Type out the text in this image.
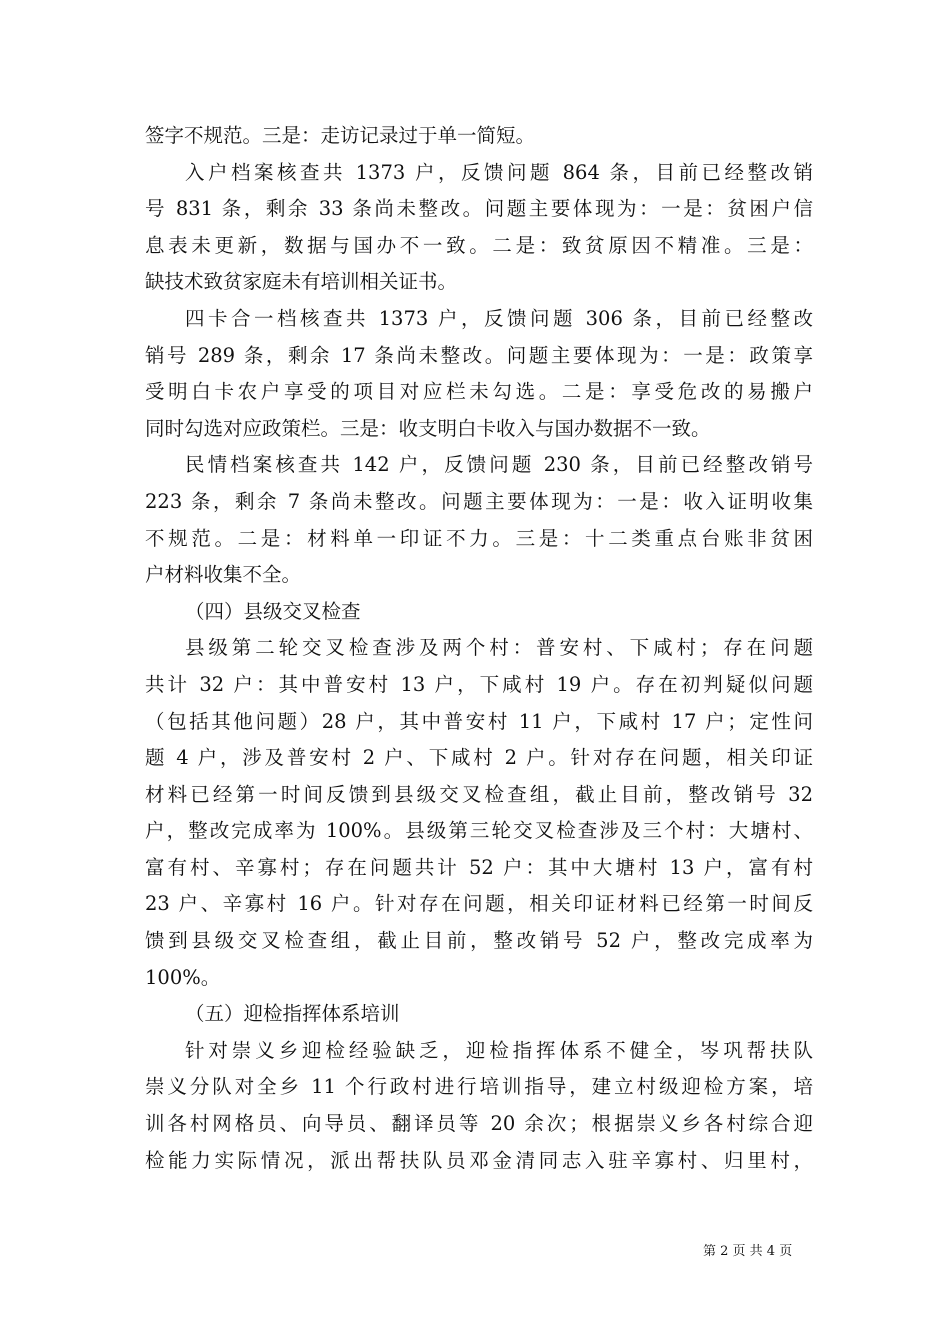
签字不规范。三是：走访记录过于单一简短。
入户档案核查共 1373 户，反馈问题 864 条，目前已经整改销
号 831 条，剩余 33 条尚未整改。问题主要体现为：一是：贫困户信
息表未更新，数据与国办不一致。二是：致贫原因不精准。三是：
缺技术致贫家庭未有培训相关证书。
四卡合一档核查共 1373 户，反馈问题 306 条，目前已经整改
销号 289 条，剩余 17 条尚未整改。问题主要体现为：一是：政策享
受明白卡农户享受的项目对应栏未勾选。二是：享受危改的易搬户
同时勾选对应政策栏。三是：收支明白卡收入与国办数据不一致。
民情档案核查共 142 户，反馈问题 230 条，目前已经整改销号
223 条，剩余 7 条尚未整改。问题主要体现为：一是：收入证明收集
不规范。二是：材料单一印证不力。三是：十二类重点台账非贫困
户材料收集不全。
（四）县级交叉检查
县级第二轮交叉检查涉及两个村：普安村、下咸村；存在问题
共计 32 户：其中普安村 13 户，下咸村 19 户。存在初判疑似问题
（包括其他问题）28 户，其中普安村 11 户，下咸村 17 户；定性问
题 4 户，涉及普安村 2 户、下咸村 2 户。针对存在问题，相关印证
材料已经第一时间反馈到县级交叉检查组，截止目前，整改销号 32
户，整改完成率为 100%。县级第三轮交叉检查涉及三个村：大塘村、
富有村、辛寡村；存在问题共计 52 户：其中大塘村 13 户，富有村
23 户、辛寡村 16 户。针对存在问题，相关印证材料已经第一时间反
馈到县级交叉检查组，截止目前，整改销号 52 户，整改完成率为
100%。
（五）迎检指挥体系培训
针对崇义乡迎检经验缺乏，迎检指挥体系不健全，岑巩帮扶队
崇义分队对全乡 11 个行政村进行培训指导，建立村级迎检方案，培
训各村网格员、向导员、翻译员等 20 余次；根据崇义乡各村综合迎
检能力实际情况，派出帮扶队员邓金清同志入驻辛寡村、归里村，
第 2 页 共 4 页
